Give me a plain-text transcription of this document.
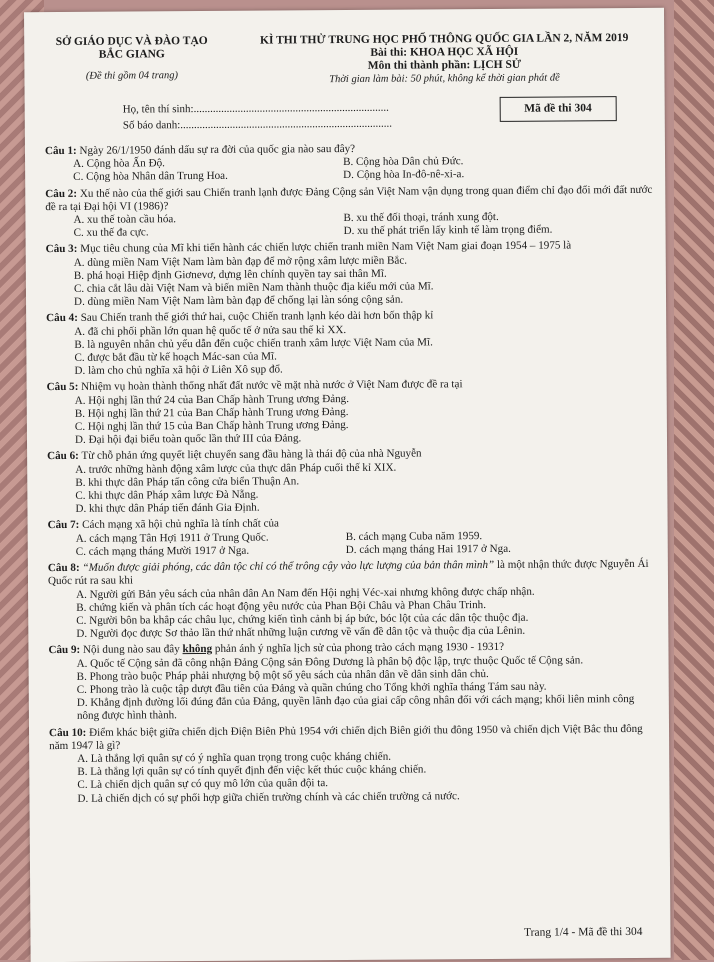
SỞ GIÁO DỤC VÀ ĐÀO TẠO
BẮC GIANG
(Đề thi gồm 04 trang)
KÌ THI THỬ TRUNG HỌC PHỔ THÔNG QUỐC GIA LẦN 2, NĂM 2019
Bài thi: KHOA HỌC XÃ HỘI
Môn thi thành phần: LỊCH SỬ
Thời gian làm bài: 50 phút, không kể thời gian phát đề
Họ, tên thí sinh:.......................................................................
Số báo danh:.............................................................................
Mã đề thi 304
Câu 1: Ngày 26/1/1950 đánh dấu sự ra đời của quốc gia nào sau đây?
A. Cộng hòa Ấn Độ.	B. Cộng hòa Dân chủ Đức.
C. Cộng hòa Nhân dân Trung Hoa.	D. Cộng hòa In-đô-nê-xi-a.
Câu 2: Xu thế nào của thế giới sau Chiến tranh lạnh được Đảng Cộng sản Việt Nam vận dụng trong quan điểm chỉ đạo đổi mới đất nước đề ra tại Đại hội VI (1986)?
A. xu thế toàn cầu hóa.	B. xu thế đối thoại, tránh xung đột.
C. xu thế đa cực.	D. xu thế phát triển lấy kinh tế làm trọng điểm.
Câu 3: Mục tiêu chung của Mĩ khi tiến hành các chiến lược chiến tranh miền Nam Việt Nam giai đoạn 1954 – 1975 là
A. dùng miền Nam Việt Nam làm bàn đạp để mở rộng xâm lược miền Bắc.
B. phá hoại Hiệp định Giơnevơ, dựng lên chính quyền tay sai thân Mĩ.
C. chia cắt lâu dài Việt Nam và biến miền Nam thành thuộc địa kiểu mới của Mĩ.
D. dùng miền Nam Việt Nam làm bàn đạp để chống lại làn sóng cộng sản.
Câu 4: Sau Chiến tranh thế giới thứ hai, cuộc Chiến tranh lạnh kéo dài hơn bốn thập kỉ
A. đã chi phối phần lớn quan hệ quốc tế ở nửa sau thế kỉ XX.
B. là nguyên nhân chủ yếu dẫn đến cuộc chiến tranh xâm lược Việt Nam của Mĩ.
C. được bắt đầu từ kế hoạch Mác-san của Mĩ.
D. làm cho chủ nghĩa xã hội ở Liên Xô sụp đổ.
Câu 5: Nhiệm vụ hoàn thành thống nhất đất nước về mặt nhà nước ở Việt Nam được đề ra tại
A. Hội nghị lần thứ 24 của Ban Chấp hành Trung ương Đảng.
B. Hội nghị lần thứ 21 của Ban Chấp hành Trung ương Đảng.
C. Hội nghị lần thứ 15 của Ban Chấp hành Trung ương Đảng.
D. Đại hội đại biểu toàn quốc lần thứ III của Đảng.
Câu 6: Từ chỗ phản ứng quyết liệt chuyển sang đầu hàng là thái độ của nhà Nguyễn
A. trước những hành động xâm lược của thực dân Pháp cuối thế kỉ XIX.
B. khi thực dân Pháp tấn công cửa biển Thuận An.
C. khi thực dân Pháp xâm lược Đà Nẵng.
D. khi thực dân Pháp tiến đánh Gia Định.
Câu 7: Cách mạng xã hội chủ nghĩa là tính chất của
A. cách mạng Tân Hợi 1911 ở Trung Quốc.	B. cách mạng Cuba năm 1959.
C. cách mạng tháng Mười 1917 ở Nga.	D. cách mạng tháng Hai 1917 ở Nga.
Câu 8: “Muốn được giải phóng, các dân tộc chỉ có thể trông cậy vào lực lượng của bản thân mình” là một nhận thức được Nguyễn Ái Quốc rút ra sau khi
A. Người gửi Bản yêu sách của nhân dân An Nam đến Hội nghị Véc-xai nhưng không được chấp nhận.
B. chứng kiến và phân tích các hoạt động yêu nước của Phan Bội Châu và Phan Châu Trinh.
C. Người bôn ba khắp các châu lục, chứng kiến tình cảnh bị áp bức, bóc lột của các dân tộc thuộc địa.
D. Người đọc được Sơ thảo lần thứ nhất những luận cương về vấn đề dân tộc và thuộc địa của Lênin.
Câu 9: Nội dung nào sau đây không phản ánh ý nghĩa lịch sử của phong trào cách mạng 1930 - 1931?
A. Quốc tế Cộng sản đã công nhận Đảng Cộng sản Đông Dương là phân bộ độc lập, trực thuộc Quốc tế Cộng sản.
B. Phong trào buộc Pháp phải nhượng bộ một số yêu sách của nhân dân về dân sinh dân chủ.
C. Phong trào là cuộc tập dượt đầu tiên của Đảng và quần chúng cho Tổng khởi nghĩa tháng Tám sau này.
D. Khẳng định đường lối đúng đắn của Đảng, quyền lãnh đạo của giai cấp công nhân đối với cách mạng; khối liên minh công nông được hình thành.
Câu 10: Điểm khác biệt giữa chiến dịch Điện Biên Phủ 1954 với chiến dịch Biên giới thu đông 1950 và chiến dịch Việt Bắc thu đông năm 1947 là gì?
A. Là thắng lợi quân sự có ý nghĩa quan trọng trong cuộc kháng chiến.
B. Là thắng lợi quân sự có tính quyết định đến việc kết thúc cuộc kháng chiến.
C. Là chiến dịch quân sự có quy mô lớn của quân đội ta.
D. Là chiến dịch có sự phối hợp giữa chiến trường chính và các chiến trường cả nước.
Trang 1/4 - Mã đề thi 304
